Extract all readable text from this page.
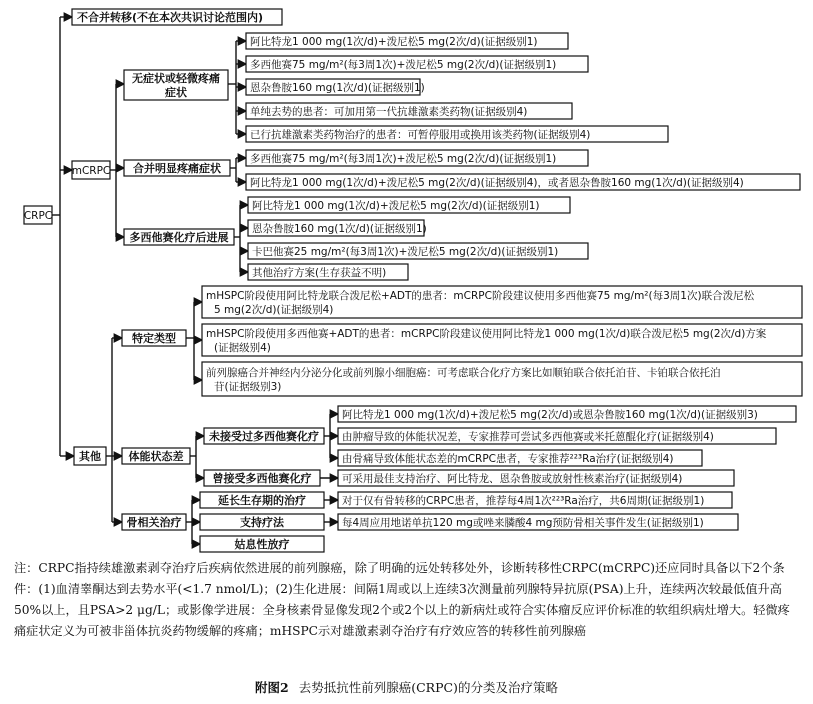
CRPC
不合并转移(不在本次共识讨论范围内)
mCRPC
无症状或轻微疼痛
症状
阿比特龙1 000 mg(1次/d)+泼尼松5 mg(2次/d)(证据级别1)
多西他赛75 mg/m²(每3周1次)+泼尼松5 mg(2次/d)(证据级别1)
恩杂鲁胺160 mg(1次/d)(证据级别1)
单纯去势的患者：可加用第一代抗雄激素类药物(证据级别4)
已行抗雄激素类药物治疗的患者：可暂停服用或换用该类药物(证据级别4)
合并明显疼痛症状
多西他赛75 mg/m²(每3周1次)+泼尼松5 mg(2次/d)(证据级别1)
阿比特龙1 000 mg(1次/d)+泼尼松5 mg(2次/d)(证据级别4)，或者恩杂鲁胺160 mg(1次/d)(证据级别4)
多西他赛化疗后进展
阿比特龙1 000 mg(1次/d)+泼尼松5 mg(2次/d)(证据级别1)
恩杂鲁胺160 mg(1次/d)(证据级别1)
卡巴他赛25 mg/m²(每3周1次)+泼尼松5 mg(2次/d)(证据级别1)
其他治疗方案(生存获益不明)
其他
特定类型
mHSPC阶段使用阿比特龙联合泼尼松+ADT的患者：mCRPC阶段建议使用多西他赛75 mg/m²(每3周1次)联合泼尼松
5 mg(2次/d)(证据级别4)
mHSPC阶段使用多西他赛+ADT的患者：mCRPC阶段建议使用阿比特龙1 000 mg(1次/d)联合泼尼松5 mg(2次/d)方案
(证据级别4)
前列腺癌合并神经内分泌分化或前列腺小细胞癌：可考虑联合化疗方案比如顺铂联合依托泊苷、卡铂联合依托泊
苷(证据级别3)
体能状态差
未接受过多西他赛化疗
阿比特龙1 000 mg(1次/d)+泼尼松5 mg(2次/d)或恩杂鲁胺160 mg(1次/d)(证据级别3)
由肿瘤导致的体能状况差，专家推荐可尝试多西他赛或米托蒽醌化疗(证据级别4)
由骨痛导致体能状态差的mCRPC患者，专家推荐²²³Ra治疗(证据级别4)
曾接受多西他赛化疗	可采用最佳支持治疗、阿比特龙、恩杂鲁胺或放射性核素治疗(证据级别4)
骨相关治疗
延长生存期的治疗	对于仅有骨转移的CRPC患者，推荐每4周1次²²³Ra治疗，共6周期(证据级别1)
支持疗法	每4周应用地诺单抗120 mg或唑来膦酸4 mg预防骨相关事件发生(证据级别1)
姑息性放疗
注：CRPC指持续雄激素剥夺治疗后疾病依然进展的前列腺癌，除了明确的远处转移处外，诊断转移性CRPC(mCRPC)还应同时具备以下2个条件：(1)血清睾酮达到去势水平(<1.7 nmol/L)；(2)生化进展：间隔1周或以上连续3次测量前列腺特异抗原(PSA)上升，连续两次较最低值升高50%以上，且PSA>2 μg/L；或影像学进展：全身核素骨显像发现2个或2个以上的新病灶或符合实体瘤反应评价标准的软组织病灶增大。轻微疼痛症状定义为可被非甾体抗炎药物缓解的疼痛；mHSPC示对雄激素剥夺治疗有疗效应答的转移性前列腺癌
附图2 去势抵抗性前列腺癌(CRPC)的分类及治疗策略
